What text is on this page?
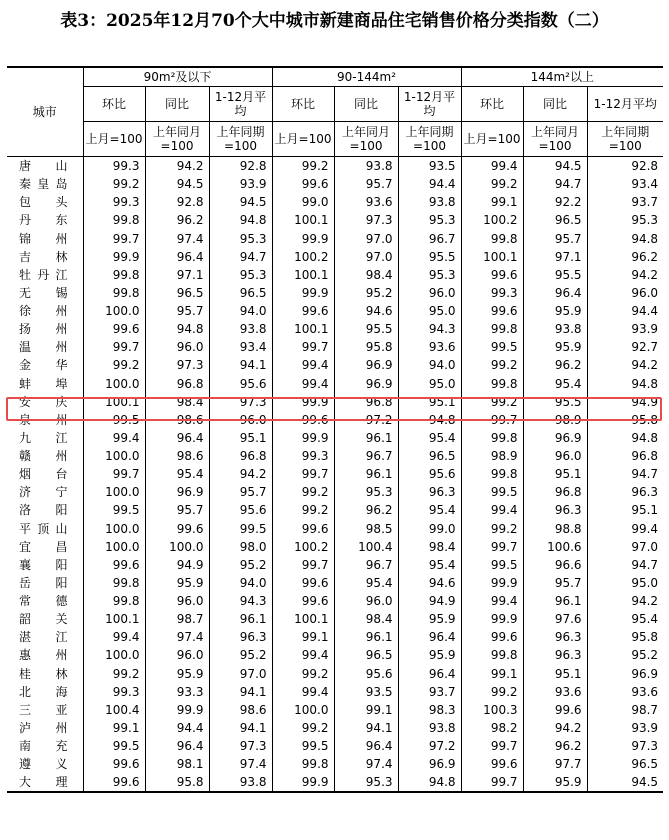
表3：2025年12月70个大中城市新建商品住宅销售价格分类指数（二）
城市	90m²及以下			90-144m²			144m²以上		
	环比	同比	1-12月平均	环比	同比	1-12月平均	环比	同比	1-12月平均
	上月=100	上年同月=100	上年同期=100	上月=100	上年同月=100	上年同期=100	上月=100	上年同月=100	上年同期=100

唐 山	99.3	94.2	92.8	99.2	93.8	93.5	99.4	94.5	92.8

秦 皇 岛	99.2	94.5	93.9	99.6	95.7	94.4	99.2	94.7	93.4

包 头	99.3	92.8	94.5	99.0	93.6	93.8	99.1	92.2	93.7

丹 东	99.8	96.2	94.8	100.1	97.3	95.3	100.2	96.5	95.3

锦 州	99.7	97.4	95.3	99.9	97.0	96.7	99.8	95.7	94.8

吉 林	99.9	96.4	94.7	100.2	97.0	95.5	100.1	97.1	96.2

牡 丹 江	99.8	97.1	95.3	100.1	98.4	95.3	99.6	95.5	94.2

无 锡	99.8	96.5	96.5	99.9	95.2	96.0	99.3	96.4	96.0

徐 州	100.0	95.7	94.0	99.6	94.6	95.0	99.6	95.9	94.4

扬 州	99.6	94.8	93.8	100.1	95.5	94.3	99.8	93.8	93.9

温 州	99.7	96.0	93.4	99.7	95.8	93.6	99.5	95.9	92.7

金 华	99.2	97.3	94.1	99.4	96.9	94.0	99.2	96.2	94.2

蚌 埠	100.0	96.8	95.6	99.4	96.9	95.0	99.8	95.4	94.8

安 庆	100.1	98.4	97.3	99.9	96.8	95.1	99.2	95.5	94.9

泉 州	99.5	98.6	96.0	99.6	97.2	94.8	99.7	98.9	95.8

九 江	99.4	96.4	95.1	99.9	96.1	95.4	99.8	96.9	94.8

赣 州	100.0	98.6	96.8	99.3	96.7	96.5	98.9	96.0	96.8

烟 台	99.7	95.4	94.2	99.7	96.1	95.6	99.8	95.1	94.7

济 宁	100.0	96.9	95.7	99.2	95.3	96.3	99.5	96.8	96.3

洛 阳	99.5	95.7	95.6	99.2	96.2	95.4	99.4	96.3	95.1

平 顶 山	100.0	99.6	99.5	99.6	98.5	99.0	99.2	98.8	99.4

宜 昌	100.0	100.0	98.0	100.2	100.4	98.4	99.7	100.6	97.0

襄 阳	99.6	94.9	95.2	99.7	96.7	95.4	99.5	96.6	94.7

岳 阳	99.8	95.9	94.0	99.6	95.4	94.6	99.9	95.7	95.0

常 德	99.8	96.0	94.3	99.6	96.0	94.9	99.4	96.1	94.2

韶 关	100.1	98.7	96.1	100.1	98.4	95.9	99.9	97.6	95.4

湛 江	99.4	97.4	96.3	99.1	96.1	96.4	99.6	96.3	95.8

惠 州	100.0	96.0	95.2	99.4	96.5	95.9	99.8	96.3	95.2

桂 林	99.2	95.9	97.0	99.2	95.6	96.4	99.1	95.1	96.9

北 海	99.3	93.3	94.1	99.4	93.5	93.7	99.2	93.6	93.6

三 亚	100.4	99.9	98.6	100.0	99.1	98.3	100.3	99.6	98.7

泸 州	99.1	94.4	94.1	99.2	94.1	93.8	98.2	94.2	93.9

南 充	99.5	96.4	97.3	99.5	96.4	97.2	99.7	96.2	97.3

遵 义	99.6	98.1	97.4	99.8	97.4	96.9	99.6	97.7	96.5

大 理	99.6	95.8	93.8	99.9	95.3	94.8	99.7	95.9	94.5
